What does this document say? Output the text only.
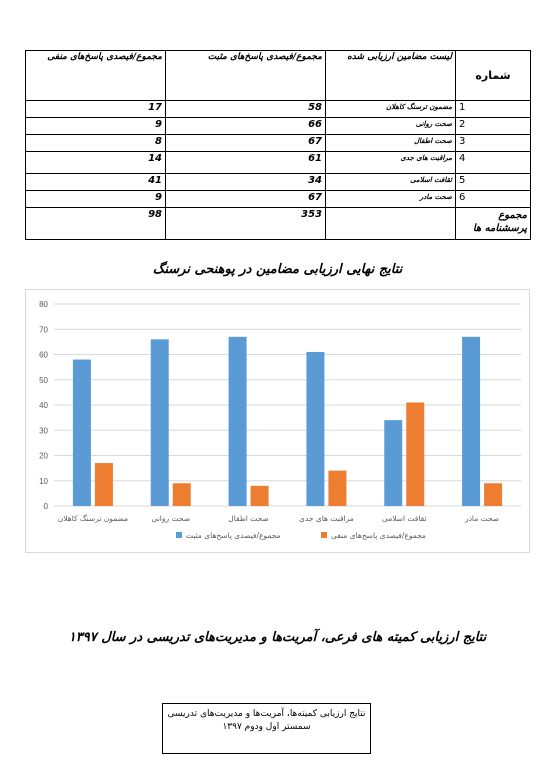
شماره	لیست مضامین ارزیابی شده	مجموع/فیصدی پاسخ‌های مثبت	مجموع/فیصدی پاسخ‌های منفی
1	مضمون ترسنگ کاهلان	58	17
2	صحت روانی	66	9
3	صحت اطفال	67	8
4	مراقبت های جدی	61	14
5	ثقافت اسلامی	34	41
6	صحت مادر	67	9
مجموع پرسشنامه ها		353	98
نتایج نهایی ارزیابی مضامین در پوهنحی نرسنگ
0
10
20
30
40
50
60
70
80
مضمون ترسنگ کاهلان	صحت روانی	صحت اطفال	مراقبت های جدی	ثقافت اسلامی	صحت مادر
مجموع/فیصدی پاسخ‌های مثبت	مجموع/فیصدی پاسخ‌های منفی
نتایج ارزیابی کمیته های فرعی، آمریت‌ها و مدیریت‌های تدریسی در سال ۱۳۹۷
نتایج ارزیابی کمیته‌ها، آمریت‌ها و مدیریت‌های تدریسی سمستر اول ودوم ۱۳۹۷
